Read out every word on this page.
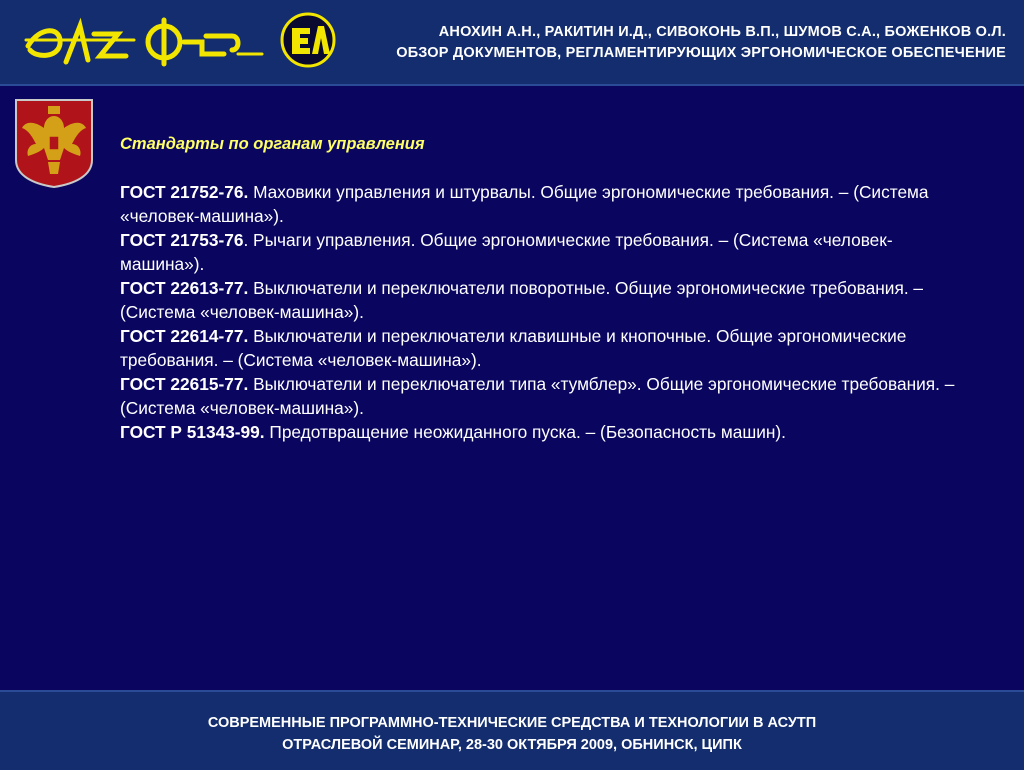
АНОХИН А.Н., РАКИТИН И.Д., СИВОКОНЬ В.П., ШУМОВ С.А., БОЖЕНКОВ О.Л.
ОБЗОР ДОКУМЕНТОВ, РЕГЛАМЕНТИРУЮЩИХ ЭРГОНОМИЧЕСКОЕ ОБЕСПЕЧЕНИЕ
Стандарты по органам управления

ГОСТ 21752-76. Маховики управления и штурвалы. Общие эргономические требования. – (Система «человек-машина»).

ГОСТ 21753-76. Рычаги управления. Общие эргономические требования. – (Система «человек-машина»).

ГОСТ 22613-77. Выключатели и переключатели поворотные. Общие эргономические требования. – (Система «человек-машина»).

ГОСТ 22614-77. Выключатели и переключатели клавишные и кнопочные. Общие эргономические требования. – (Система «человек-машина»).

ГОСТ 22615-77. Выключатели и переключатели типа «тумблер». Общие эргономические требования. – (Система «человек-машина»).

ГОСТ Р 51343-99. Предотвращение неожиданного пуска. – (Безопасность машин).

СОВРЕМЕННЫЕ ПРОГРАММНО-ТЕХНИЧЕСКИЕ СРЕДСТВА И ТЕХНОЛОГИИ В АСУТП
ОТРАСЛЕВОЙ СЕМИНАР, 28-30 ОКТЯБРЯ 2009, ОБНИНСК, ЦИПК
